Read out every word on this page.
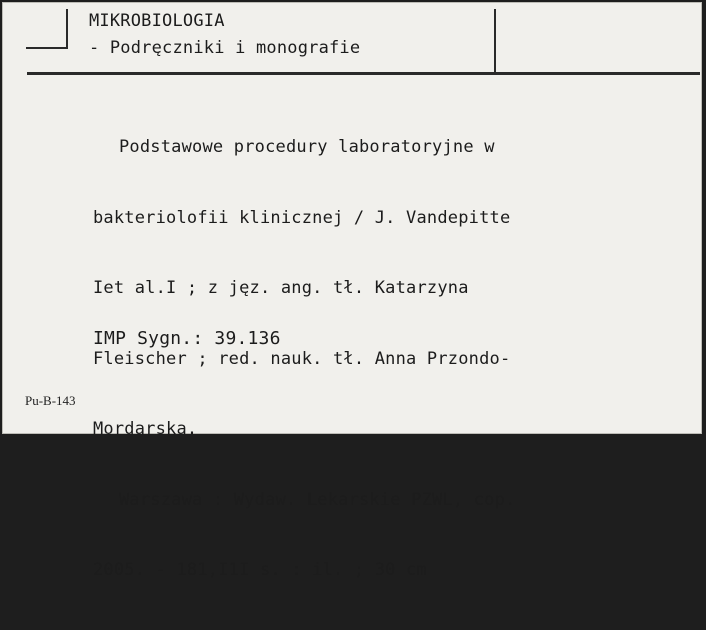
MIKROBIOLOGIA
- Podręczniki i monografie

Podstawowe procedury laboratoryjne w

bakteriolofii klinicznej / J. Vandepitte

Iet al.I ; z jęz. ang. tł. Katarzyna

Fleischer ; red. nauk. tł. Anna Przondo-

Mordarska.

Warszawa : Wydaw. Lekarskie PZWL, cop.

2005. - 181,I1I s. : il. ; 30 cm

IMP Sygn.: 39.136
Pu-B-143
